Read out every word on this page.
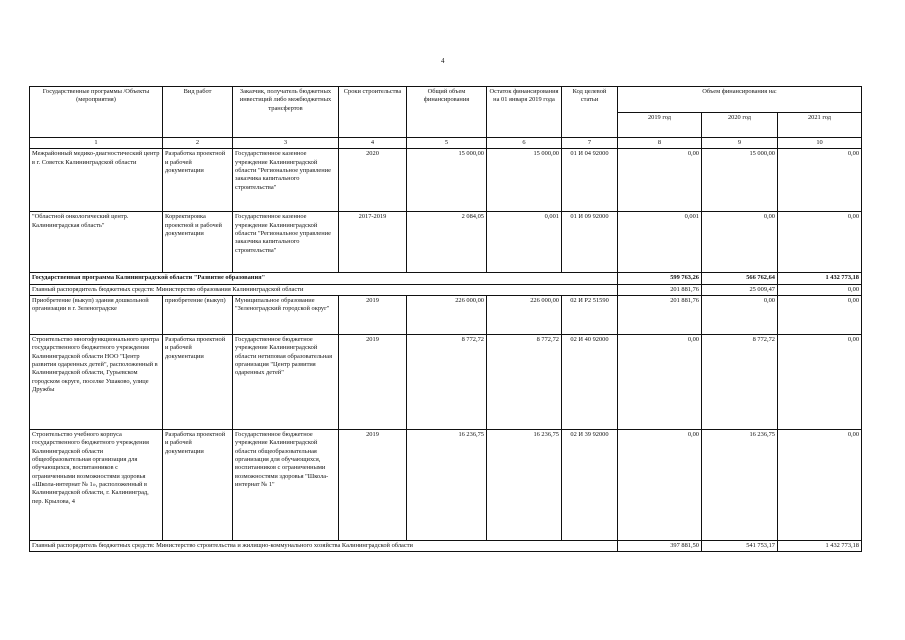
4
Государственные программы /Объекты (мероприятия)	Вид работ	Заказчик, получатель бюджетных инвестиций либо межбюджетных трансфертов	Сроки строительства	Общий объем финансирования	Остаток финансирования на 01 января 2019 года	Код целевой статьи	Объем финансирования на:		
							2019 год	2020 год	2021 год
1	2	3	4	5	6	7	8	9	10
Межрайонный медико-диагностический центр в г. Советск Калининградской области	Разработка проектной и рабочей документации	Государственное казенное учреждение Калининградской области "Региональное управление заказчика капитального строительства"	2020	15 000,00	15 000,00	01 И 04 92000	0,00	15 000,00	0,00
"Областной онкологический центр. Калининградская область"	Корректировка проектной и рабочей документации	Государственное казенное учреждение Калининградской области "Региональное управление заказчика капитального строительства"	2017-2019	2 084,05	0,001	01 И 09 92000	0,001	0,00	0,00
Государственная программа Калининградской области "Развитие образования"							599 763,26	566 762,64	1 432 773,18
Главный распорядитель бюджетных средств: Министерство образования Калининградской области							201 881,76	25 009,47	0,00
Приобретение (выкуп) здания дошкольной организации в г. Зеленоградске	приобретение (выкуп)	Муниципальное образование "Зеленоградский городской округ"	2019	226 000,00	226 000,00	02 И Р2 51590	201 881,76	0,00	0,00
Строительство многофункционального центра государственного бюджетного учреждения Калининградской области НОО "Центр развития одаренных детей", расположенный в Калининградской области, Гурьевском городском округе, поселке Ушаково, улице Дружбы	Разработка проектной и рабочей документации	Государственное бюджетное учреждение Калининградской области нетиповая образовательная организация "Центр развития одаренных детей"	2019	8 772,72	8 772,72	02 И 40 92000	0,00	8 772,72	0,00
Строительство учебного корпуса государственного бюджетного учреждения Калининградской области общеобразовательная организация для обучающихся, воспитанников с ограниченными возможностями здоровья «Школа-интернат № 1», расположенный в Калининградской области, г. Калининград, пер. Крылова, 4	Разработка проектной и рабочей документации	Государственное бюджетное учреждение Калининградской области общеобразовательная организация для обучающихся, воспитанников с ограниченными возможностями здоровья "Школа-интернат № 1"	2019	16 236,75	16 236,75	02 И 39 92000	0,00	16 236,75	0,00
Главный распорядитель бюджетных средств: Министерство строительства и жилищно-коммунального хозяйства Калининградской области							397 881,50	541 753,17	1 432 773,18
